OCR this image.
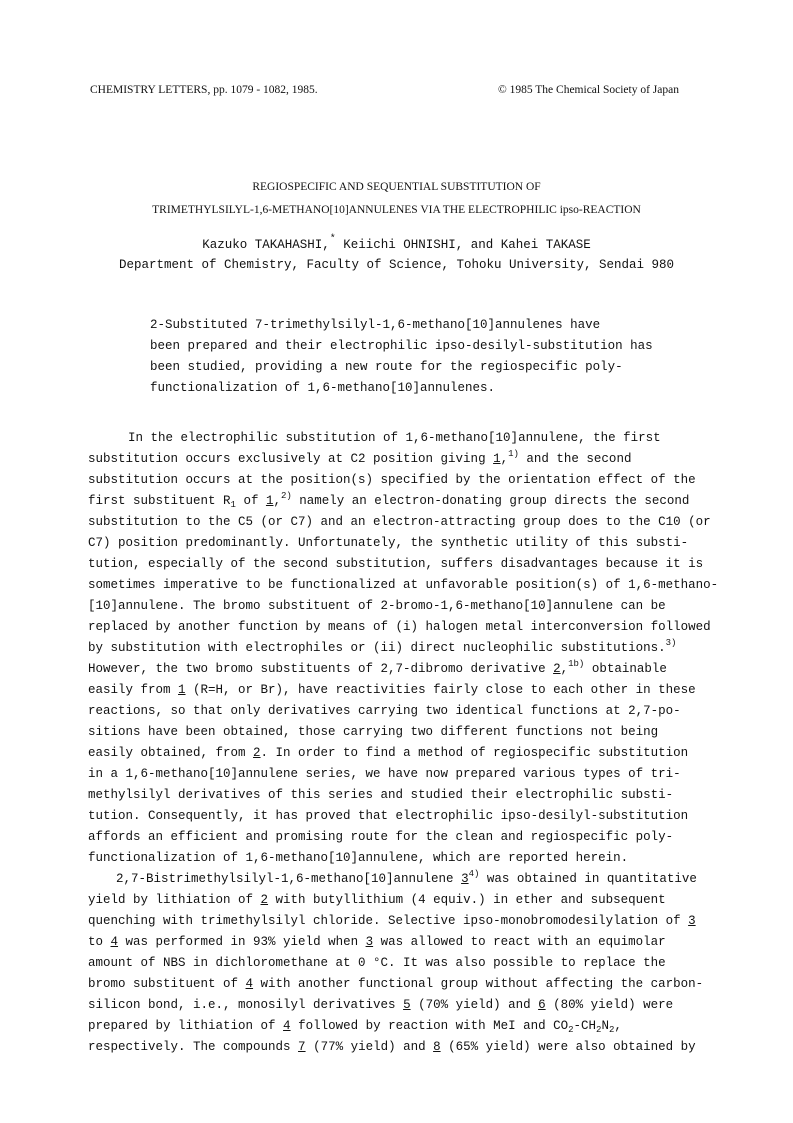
CHEMISTRY LETTERS, pp. 1079 - 1082, 1985.	© 1985 The Chemical Society of Japan
REGIOSPECIFIC AND SEQUENTIAL SUBSTITUTION OF
TRIMETHYLSILYL-1,6-METHANO[10]ANNULENES VIA THE ELECTROPHILIC ipso-REACTION
Kazuko TAKAHASHI,* Keiichi OHNISHI, and Kahei TAKASE
Department of Chemistry, Faculty of Science, Tohoku University, Sendai 980
2-Substituted 7-trimethylsilyl-1,6-methano[10]annulenes have
been prepared and their electrophilic ipso-desilyl-substitution has
been studied, providing a new route for the regiospecific poly-
functionalization of 1,6-methano[10]annulenes.
In the electrophilic substitution of 1,6-methano[10]annulene, the first
substitution occurs exclusively at C2 position giving 1,$^{1)}$ and the second
substitution occurs at the position(s) specified by the orientation effect of the
first substituent $R_1$ of 1,$^{2)}$ namely an electron-donating group directs the second
substitution to the C5 (or C7) and an electron-attracting group does to the C10 (or
C7) position predominantly. Unfortunately, the synthetic utility of this substi-
tution, especially of the second substitution, suffers disadvantages because it is
sometimes imperative to be functionalized at unfavorable position(s) of 1,6-methano-
[10]annulene. The bromo substituent of 2-bromo-1,6-methano[10]annulene can be
replaced by another function by means of (i) halogen metal interconversion followed
by substitution with electrophiles or (ii) direct nucleophilic substitutions.$^{3)}$
However, the two bromo substituents of 2,7-dibromo derivative 2,$^{1b)}$ obtainable
easily from 1 (R=H, or Br), have reactivities fairly close to each other in these
reactions, so that only derivatives carrying two identical functions at 2,7-po-
sitions have been obtained, those carrying two different functions not being
easily obtained, from 2. In order to find a method of regiospecific substitution
in a 1,6-methano[10]annulene series, we have now prepared various types of tri-
methylsilyl derivatives of this series and studied their electrophilic substi-
tution. Consequently, it has proved that electrophilic ipso-desilyl-substitution
affords an efficient and promising route for the clean and regiospecific poly-
functionalization of 1,6-methano[10]annulene, which are reported herein.
2,7-Bistrimethylsilyl-1,6-methano[10]annulene 3$^{4)}$ was obtained in quantitative
yield by lithiation of 2 with butyllithium (4 equiv.) in ether and subsequent
quenching with trimethylsilyl chloride. Selective ipso-monobromodesilylation of 3
to 4 was performed in 93% yield when 3 was allowed to react with an equimolar
amount of NBS in dichloromethane at 0 °C. It was also possible to replace the
bromo substituent of 4 with another functional group without affecting the carbon-
silicon bond, i.e., monosilyl derivatives 5 (70% yield) and 6 (80% yield) were
prepared by lithiation of 4 followed by reaction with MeI and $CO_2-CH_2N_2$,
respectively. The compounds 7 (77% yield) and 8 (65% yield) were also obtained by
